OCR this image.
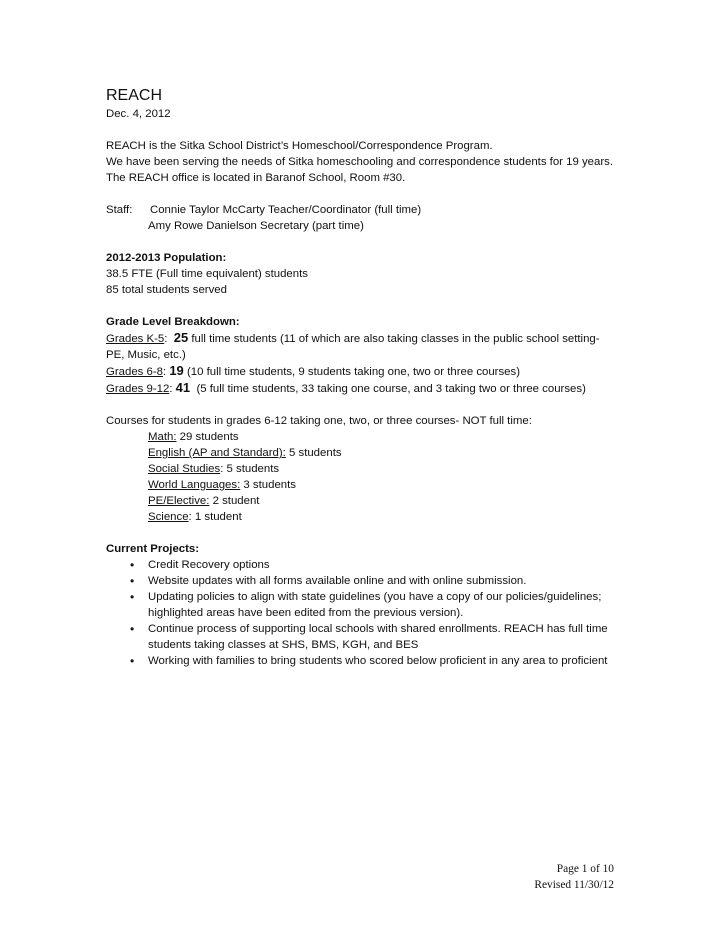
REACH

Dec. 4, 2012

REACH is the Sitka School District’s Homeschool/Correspondence Program.

We have been serving the needs of Sitka homeschooling and correspondence students for 19 years.

The REACH office is located in Baranof School, Room #30.

Staff:	Connie Taylor McCarty Teacher/Coordinator (full time)

Amy Rowe Danielson Secretary (part time)

2012-2013 Population:

38.5 FTE (Full time equivalent) students

85 total students served

Grade Level Breakdown:

Grades K-5:  25 full time students (11 of which are also taking classes in the public school setting- PE, Music, etc.)

Grades 6-8: 19 (10 full time students, 9 students taking one, two or three courses)

Grades 9-12: 41  (5 full time students, 33 taking one course, and 3 taking two or three courses)

Courses for students in grades 6-12 taking one, two, or three courses- NOT full time:

Math: 29 students

English (AP and Standard): 5 students

Social Studies: 5 students

World Languages: 3 students

PE/Elective: 2 student

Science: 1 student

Current Projects:

• Credit Recovery options
• Website updates with all forms available online and with online submission.
• Updating policies to align with state guidelines (you have a copy of our policies/guidelines; highlighted areas have been edited from the previous version).
• Continue process of supporting local schools with shared enrollments. REACH has full time students taking classes at SHS, BMS, KGH, and BES
• Working with families to bring students who scored below proficient in any area to proficient
Page 1 of 10
Revised 11/30/12
